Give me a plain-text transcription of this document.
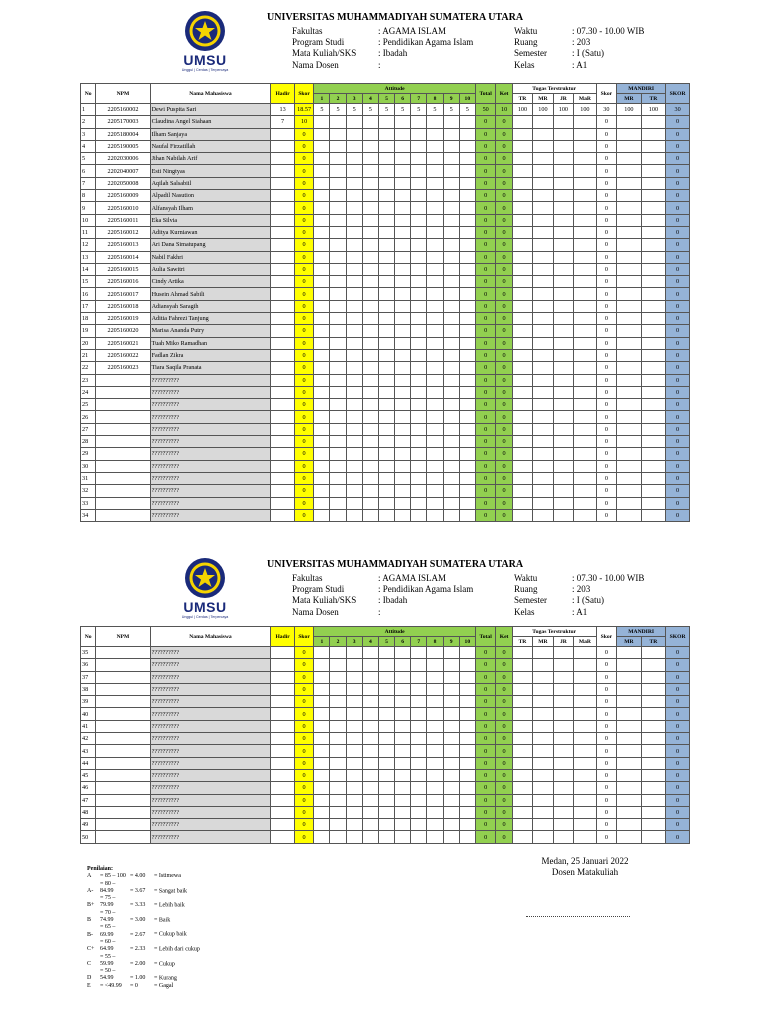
UMSU
Unggul | Cerdas | Terpercaya
UNIVERSITAS MUHAMMADIYAH SUMATERA UTARA
Fakultas	: AGAMA ISLAM
Program Studi	: Pendidikan Agama Islam
Mata Kuliah/SKS : Ibadah
Nama Dosen	:
Waktu	: 07.30 - 10.00 WIB
Ruang	: 203
Semester	: I (Satu)
Kelas	: A1
No	NPM	Nama Mahasiswa	Hadir	Skor	Attitude										Total	Ket	Tugas Terstruktur				Skor	MANDIRI		SKOR
					1	2	3	4	5	6	7	8	9	10			TR	MR	JR	MaR		MR	TR	
1	2205160002	Dewi Puspita Sari	13	18.57	5	5	5	5	5	5	5	5	5	5	50	10	100	100	100	100	30	100	100	30
2	2205170003	Claudina Angel Siahaan	7	10											0	0					0			0
3	2205180004	Ilham Sanjaya		0											0	0					0			0
4	2205190005	Naufal Firzatillah		0											0	0					0			0
5	2202030006	Jihan Nabilah Arif		0											0	0					0			0
6	2202040007	Esti Ningtyas		0											0	0					0			0
7	2202050008	Aqilah Salsabiil		0											0	0					0			0
8	2205160009	Alpadil Nasution		0											0	0					0			0
9	2205160010	Alfansyah Ilham		0											0	0					0			0
10	2205160011	Eka Silvia		0											0	0					0			0
11	2205160012	Aditya Kurniawan		0											0	0					0			0
12	2205160013	Ari Dana Simatupang		0											0	0					0			0
13	2205160014	Nabil Fakhri		0											0	0					0			0
14	2205160015	Aulia Sawitri		0											0	0					0			0
15	2205160016	Cindy Artika		0											0	0					0			0
16	2205160017	Husein Ahmad Sabili		0											0	0					0			0
17	2205160018	Adiansyah Saragih		0											0	0					0			0
18	2205160019	Aditia Fahrezi Tanjung		0											0	0					0			0
19	2205160020	Marisa Ananda Putry		0											0	0					0			0
20	2205160021	Tuah Miko Ramadhan		0											0	0					0			0
21	2205160022	Fadlan Zikra		0											0	0					0			0
22	2205160023	Tiara Saqila Pranata		0											0	0					0			0
23		??????????		0											0	0					0			0
24		??????????		0											0	0					0			0
25		??????????		0											0	0					0			0
26		??????????		0											0	0					0			0
27		??????????		0											0	0					0			0
28		??????????		0											0	0					0			0
29		??????????		0											0	0					0			0
30		??????????		0											0	0					0			0
31		??????????		0											0	0					0			0
32		??????????		0											0	0					0			0
33		??????????		0											0	0					0			0
34		??????????		0											0	0					0			0
UMSU
Unggul | Cerdas | Terpercaya
UNIVERSITAS MUHAMMADIYAH SUMATERA UTARA
Fakultas	: AGAMA ISLAM
Program Studi	: Pendidikan Agama Islam
Mata Kuliah/SKS : Ibadah
Nama Dosen	:
Waktu	: 07.30 - 10.00 WIB
Ruang	: 203
Semester	: I (Satu)
Kelas	: A1
No	NPM	Nama Mahasiswa	Hadir	Skor	Attitude										Total	Ket	Tugas Terstruktur				Skor	MANDIRI		SKOR
					1	2	3	4	5	6	7	8	9	10			TR	MR	JR	MaR		MR	TR	
35		??????????		0											0	0					0			0
36		??????????		0											0	0					0			0
37		??????????		0											0	0					0			0
38		??????????		0											0	0					0			0
39		??????????		0											0	0					0			0
40		??????????		0											0	0					0			0
41		??????????		0											0	0					0			0
42		??????????		0											0	0					0			0
43		??????????		0											0	0					0			0
44		??????????		0											0	0					0			0
45		??????????		0											0	0					0			0
46		??????????		0											0	0					0			0
47		??????????		0											0	0					0			0
48		??????????		0											0	0					0			0
49		??????????		0											0	0					0			0
50		??????????		0											0	0					0			0
Penilaian:
A = 85 – 100 = 4.00 = Istimewa
A-= 80 – 84.99	= 3.67 = Sangat baik
B+= 75 – 79.99	= 3.33 = Lebih baik
B= 70 – 74.99	= 3.00 = Baik
B-= 65 – 69.99	= 2.67 = Cukup baik
C+= 60 – 64.99	= 2.33 = Lebih dari cukup
C= 55 – 59.99	= 2.00 = Cukup
D= 50 – 54.99	= 1.00 = Kurang
E = <49.99 = 0	= Gagal
Medan, 25 Januari 2022
Dosen Matakuliah
